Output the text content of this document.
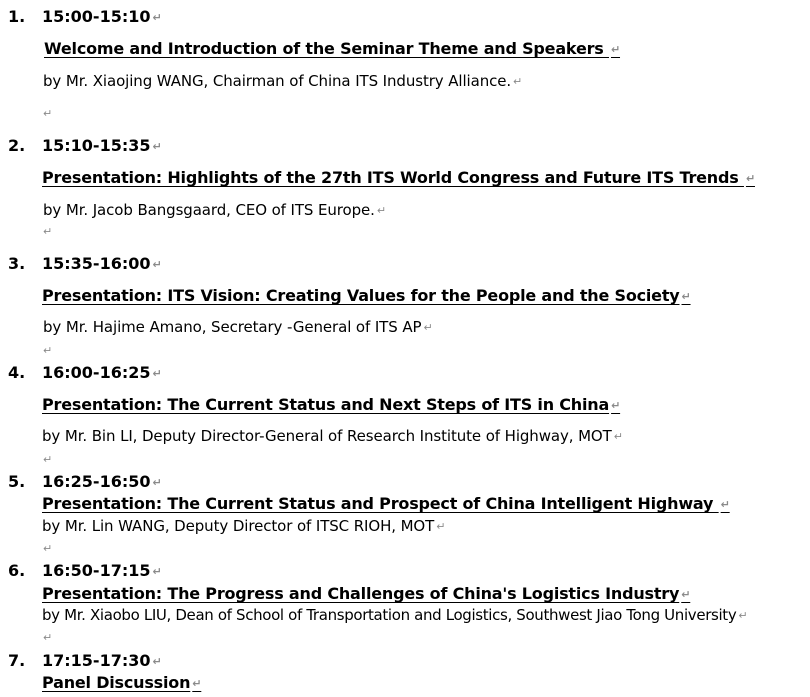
1. 15:00-15:10 ↵
Welcome and Introduction of the Seminar Theme and Speakers ↵
by Mr. Xiaojing WANG, Chairman of China ITS Industry Alliance. ↵
↵
2. 15:10-15:35 ↵
Presentation: Highlights of the 27th ITS World Congress and Future ITS Trends ↵
by Mr. Jacob Bangsgaard, CEO of ITS Europe. ↵
↵
3. 15:35-16:00 ↵
Presentation: ITS Vision: Creating Values for the People and the Society ↵
by Mr. Hajime Amano, Secretary -General of ITS AP ↵
↵
4. 16:00-16:25 ↵
Presentation: The Current Status and Next Steps of ITS in China ↵
by Mr. Bin LI, Deputy Director-General of Research Institute of Highway, MOT ↵
↵
5. 16:25-16:50 ↵
Presentation: The Current Status and Prospect of China Intelligent Highway ↵
by Mr. Lin WANG, Deputy Director of ITSC RIOH, MOT ↵
↵
6. 16:50-17:15 ↵
Presentation: The Progress and Challenges of China's Logistics Industry ↵
by Mr. Xiaobo LIU, Dean of School of Transportation and Logistics, Southwest Jiao Tong University ↵
↵
7. 17:15-17:30 ↵
Panel Discussion ↵
